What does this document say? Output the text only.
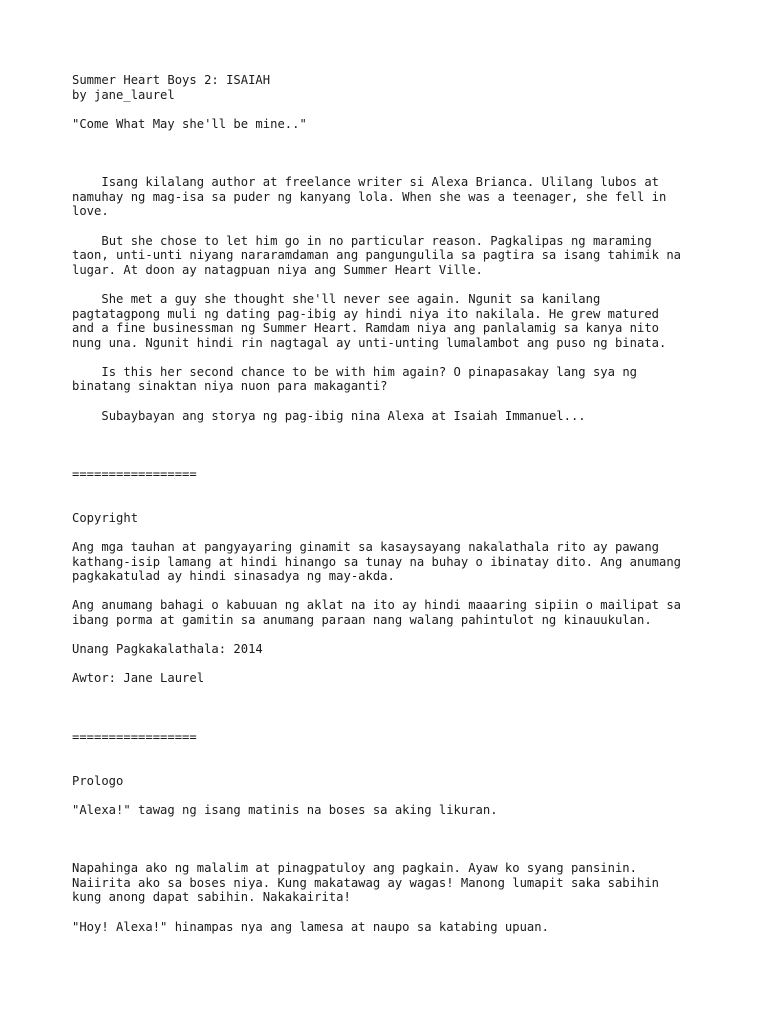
Summer Heart Boys 2: ISAIAH
by jane_laurel
"Come What May she'll be mine.."
Isang kilalang author at freelance writer si Alexa Brianca. Ulilang lubos at
namuhay ng mag-isa sa puder ng kanyang lola. When she was a teenager, she fell in
love.
But she chose to let him go in no particular reason. Pagkalipas ng maraming
taon, unti-unti niyang nararamdaman ang pangungulila sa pagtira sa isang tahimik na
lugar. At doon ay natagpuan niya ang Summer Heart Ville.
She met a guy she thought she'll never see again. Ngunit sa kanilang
pagtatagpong muli ng dating pag-ibig ay hindi niya ito nakilala. He grew matured
and a fine businessman ng Summer Heart. Ramdam niya ang panlalamig sa kanya nito
nung una. Ngunit hindi rin nagtagal ay unti-unting lumalambot ang puso ng binata.
Is this her second chance to be with him again? O pinapasakay lang sya ng
binatang sinaktan niya nuon para makaganti?
Subaybayan ang storya ng pag-ibig nina Alexa at Isaiah Immanuel...
=================
Copyright
Ang mga tauhan at pangyayaring ginamit sa kasaysayang nakalathala rito ay pawang
kathang-isip lamang at hindi hinango sa tunay na buhay o ibinatay dito. Ang anumang
pagkakatulad ay hindi sinasadya ng may-akda.
Ang anumang bahagi o kabuuan ng aklat na ito ay hindi maaaring sipiin o mailipat sa
ibang porma at gamitin sa anumang paraan nang walang pahintulot ng kinauukulan.
Unang Pagkakalathala: 2014
Awtor: Jane Laurel
=================
Prologo
"Alexa!" tawag ng isang matinis na boses sa aking likuran.
Napahinga ako ng malalim at pinagpatuloy ang pagkain. Ayaw ko syang pansinin.
Naiirita ako sa boses niya. Kung makatawag ay wagas! Manong lumapit saka sabihin
kung anong dapat sabihin. Nakakairita!
"Hoy! Alexa!" hinampas nya ang lamesa at naupo sa katabing upuan.
